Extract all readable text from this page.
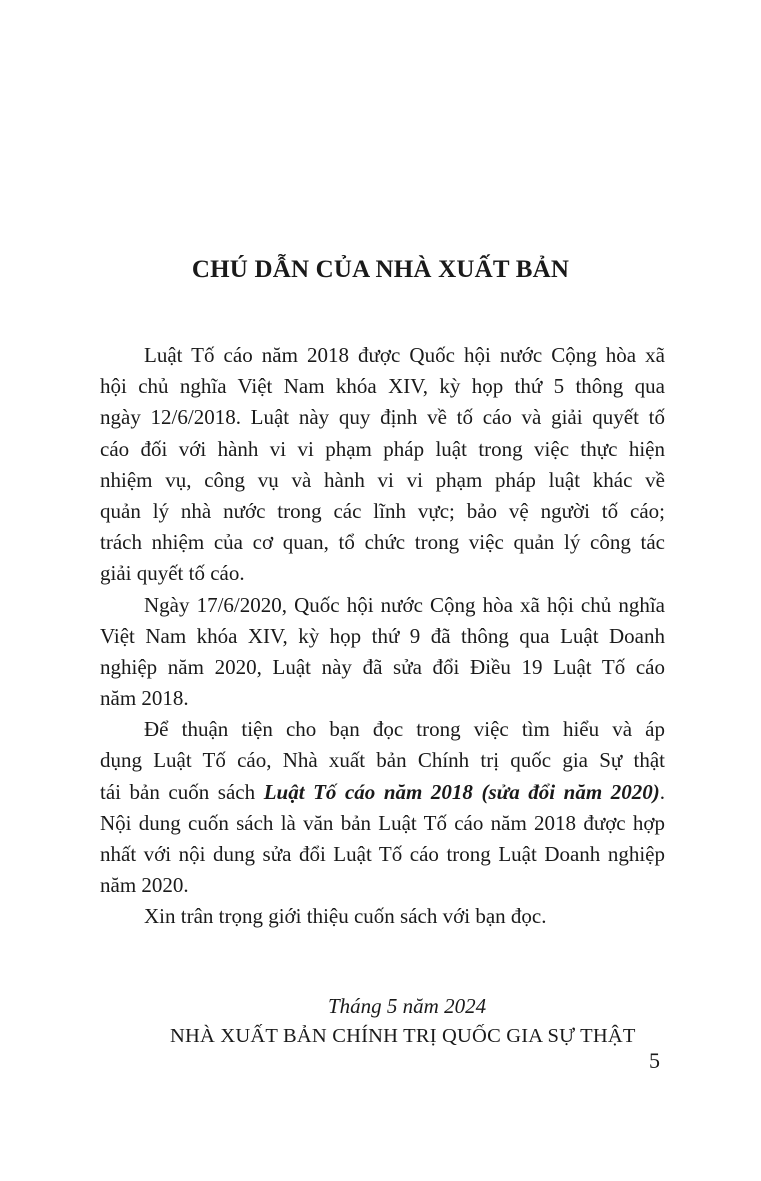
CHÚ DẪN CỦA NHÀ XUẤT BẢN
Luật Tố cáo năm 2018 được Quốc hội nước Cộng hòa xã
hội chủ nghĩa Việt Nam khóa XIV, kỳ họp thứ 5 thông qua
ngày 12/6/2018. Luật này quy định về tố cáo và giải quyết tố
cáo đối với hành vi vi phạm pháp luật trong việc thực hiện
nhiệm vụ, công vụ và hành vi vi phạm pháp luật khác về
quản lý nhà nước trong các lĩnh vực; bảo vệ người tố cáo;
trách nhiệm của cơ quan, tổ chức trong việc quản lý công tác
giải quyết tố cáo.
Ngày 17/6/2020, Quốc hội nước Cộng hòa xã hội chủ nghĩa
Việt Nam khóa XIV, kỳ họp thứ 9 đã thông qua Luật Doanh
nghiệp năm 2020, Luật này đã sửa đổi Điều 19 Luật Tố cáo
năm 2018.
Để thuận tiện cho bạn đọc trong việc tìm hiểu và áp
dụng Luật Tố cáo, Nhà xuất bản Chính trị quốc gia Sự thật
tái bản cuốn sách Luật Tố cáo năm 2018 (sửa đổi năm 2020).
Nội dung cuốn sách là văn bản Luật Tố cáo năm 2018 được hợp
nhất với nội dung sửa đổi Luật Tố cáo trong Luật Doanh nghiệp
năm 2020.
Xin trân trọng giới thiệu cuốn sách với bạn đọc.
Tháng 5 năm 2024
NHÀ XUẤT BẢN CHÍNH TRỊ QUỐC GIA SỰ THẬT
5
